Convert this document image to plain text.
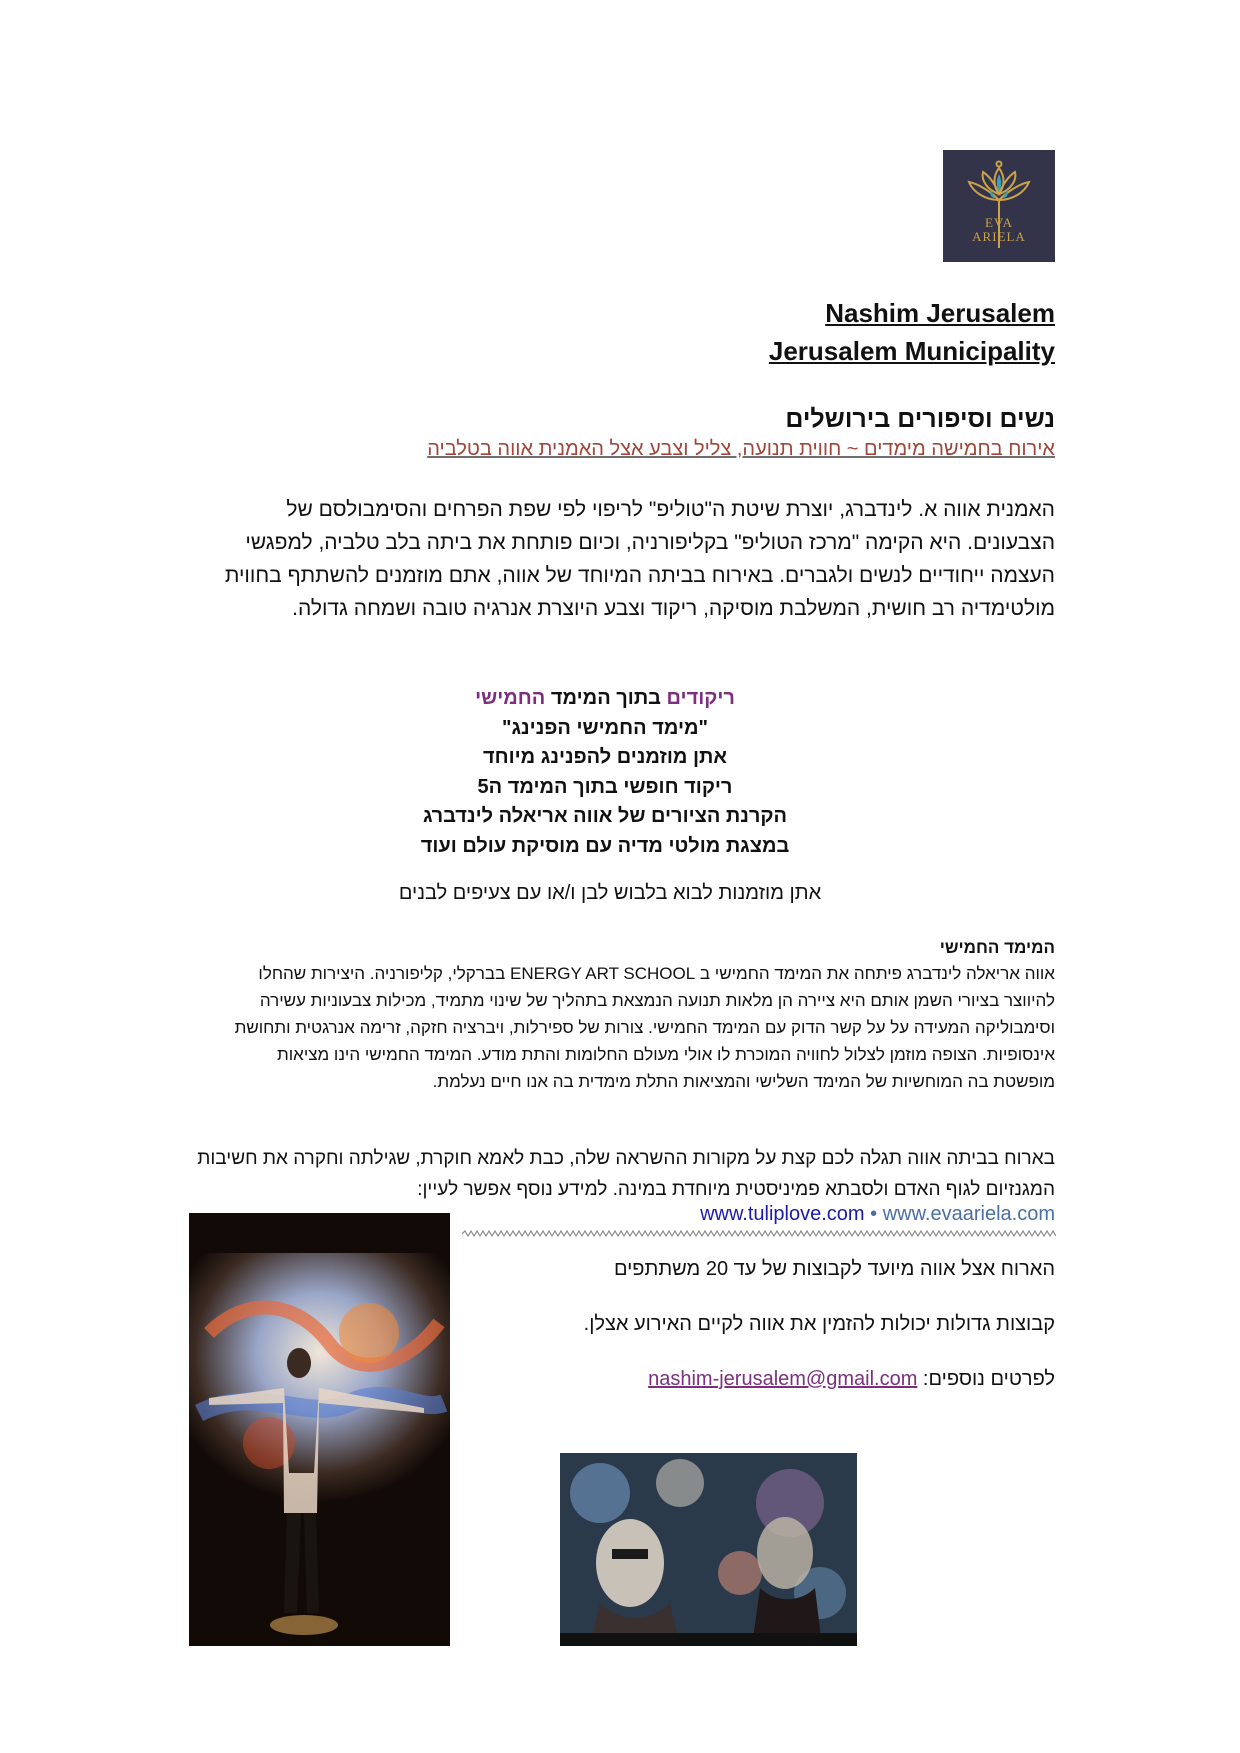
EVA
ARIELA
Nashim Jerusalem
Jerusalem Municipality
נשים וסיפורים בירושלים
אירוח בחמישה מימדים ~ חווית תנועה, צליל וצבע אצל האמנית אווה בטלביה
האמנית אווה א. לינדברג, יוצרת שיטת ה"טוליפ" לריפוי לפי שפת הפרחים והסימבולסם של הצבעונים. היא הקימה "מרכז הטוליפ" בקליפורניה, וכיום פותחת את ביתה בלב טלביה, למפגשי העצמה ייחודיים לנשים ולגברים. באירוח בביתה המיוחד של אווה, אתם מוזמנים להשתתף בחווית מולטימדיה רב חושית, המשלבת מוסיקה, ריקוד וצבע היוצרת אנרגיה טובה ושמחה גדולה.
ריקודים בתוך המימד החמישי
"מימד החמישי הפנינג"
אתן מוזמנים להפנינג מיוחד
ריקוד חופשי בתוך המימד ה5
הקרנת הציורים של אווה אריאלה לינדברג
במצגת מולטי מדיה עם מוסיקת עולם ועוד
אתן מוזמנות לבוא בלבוש לבן ו/או עם צעיפים לבנים
המימד החמישי
אווה אריאלה לינדברג פיתחה את המימד החמישי ב ENERGY ART SCHOOL בברקלי, קליפורניה. היצירות שהחלו להיווצר בציורי השמן אותם היא ציירה הן מלאות תנועה הנמצאת בתהליך של שינוי מתמיד, מכילות צבעוניות עשירה וסימבוליקה המעידה על על קשר הדוק עם המימד החמישי. צורות של ספירלות, ויברציה חזקה, זרימה אנרגטית ותחושת אינסופיות. הצופה מוזמן לצלול לחוויה המוכרת לו אולי מעולם החלומות והתת מודע. המימד החמישי הינו מציאות מופשטת בה המוחשיות של המימד השלישי והמציאות התלת מימדית בה אנו חיים נעלמת.
בארוח בביתה אווה תגלה לכם קצת על מקורות ההשראה שלה, כבת לאמא חוקרת, שגילתה וחקרה את חשיבות המגנזיום לגוף האדם ולסבתא פמיניסטית מיוחדת במינה. למידע נוסף אפשר לעיין:
www.tuliplove.com • www.evaariela.com
הארוח אצל אווה מיועד לקבוצות של עד 20 משתתפים
קבוצות גדולות יכולות להזמין את אווה לקיים האירוע אצלן.
לפרטים נוספים: nashim-jerusalem@gmail.com
